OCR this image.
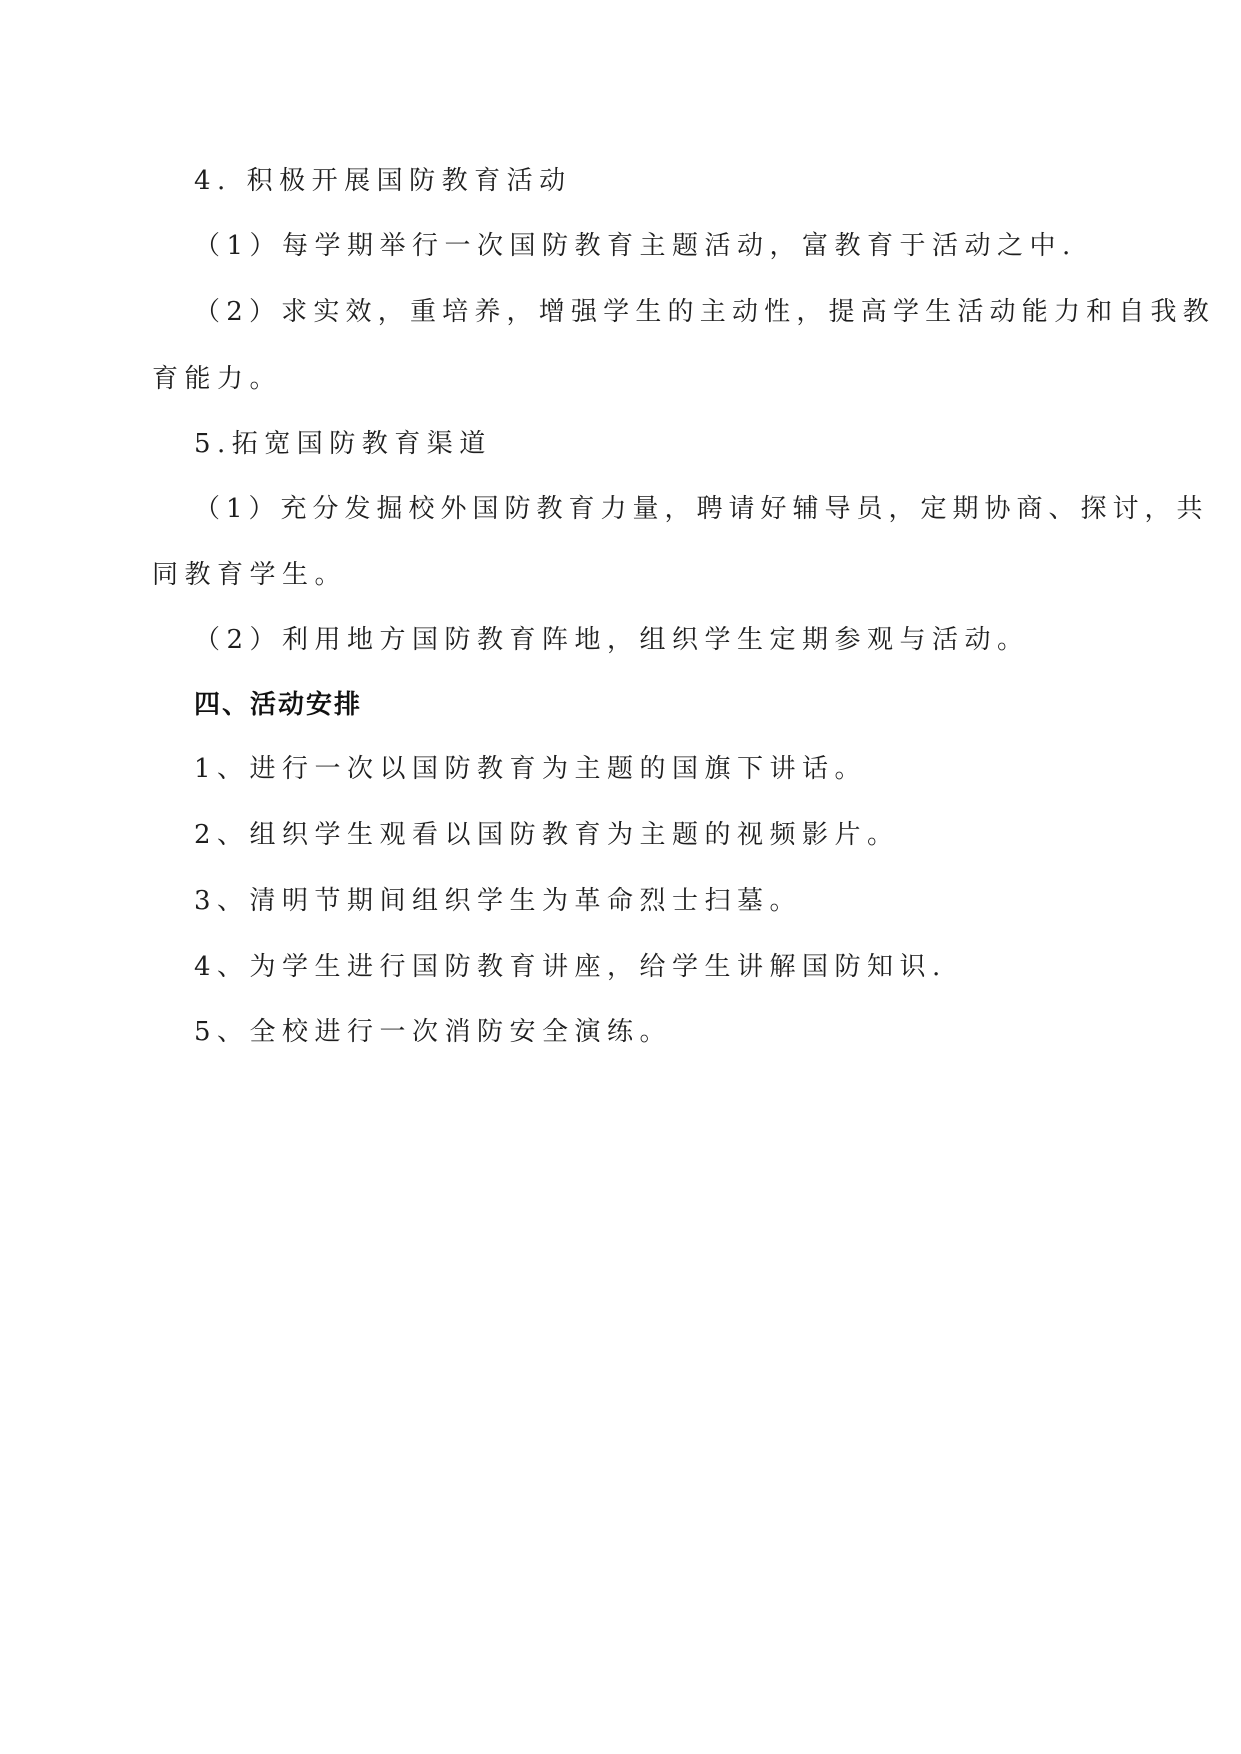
4. 积极开展国防教育活动
（1）每学期举行一次国防教育主题活动，富教育于活动之中.
（2）求实效，重培养，增强学生的主动性，提高学生活动能力和自我教
育能力。
5.拓宽国防教育渠道
（1）充分发掘校外国防教育力量，聘请好辅导员，定期协商、探讨，共
同教育学生。
（2）利用地方国防教育阵地，组织学生定期参观与活动。
四、活动安排
1、进行一次以国防教育为主题的国旗下讲话。
2、组织学生观看以国防教育为主题的视频影片。
3、清明节期间组织学生为革命烈士扫墓。
4、为学生进行国防教育讲座，给学生讲解国防知识.
5、全校进行一次消防安全演练。
